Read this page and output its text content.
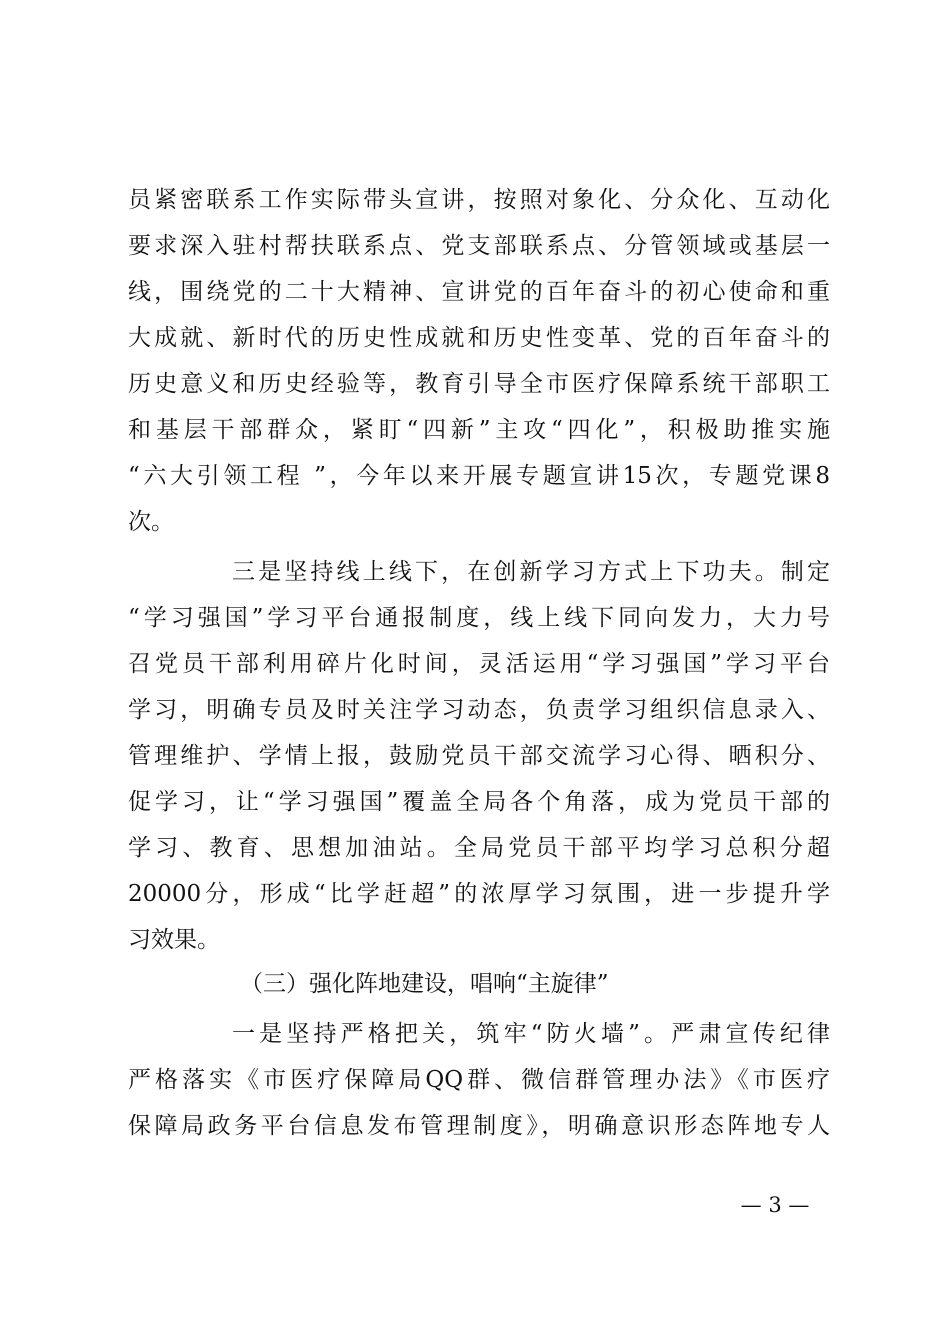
员紧密联系工作实际带头宣讲，按照对象化、分众化、互动化
要求深入驻村帮扶联系点、党支部联系点、分管领域或基层一
线，围绕党的二十大精神、宣讲党的百年奋斗的初心使命和重
大成就、新时代的历史性成就和历史性变革、党的百年奋斗的
历史意义和历史经验等，教育引导全市医疗保障系统干部职工
和基层干部群众，紧盯“四新”主攻“四化”，积极助推实施
“六大引领工程 ”，今年以来开展专题宣讲15次，专题党课8
次。
三是坚持线上线下，在创新学习方式上下功夫。制定
“学习强国”学习平台通报制度，线上线下同向发力，大力号
召党员干部利用碎片化时间，灵活运用“学习强国”学习平台
学习，明确专员及时关注学习动态，负责学习组织信息录入、
管理维护、学情上报，鼓励党员干部交流学习心得、晒积分、
促学习，让“学习强国”覆盖全局各个角落，成为党员干部的
学习、教育、思想加油站。全局党员干部平均学习总积分超
20000分，形成“比学赶超”的浓厚学习氛围，进一步提升学
习效果。
（三）强化阵地建设，唱响“主旋律”
一是坚持严格把关，筑牢“防火墙”。严肃宣传纪律
严格落实《市医疗保障局QQ群、微信群管理办法》《市医疗
保障局政务平台信息发布管理制度》，明确意识形态阵地专人
— 3 —
